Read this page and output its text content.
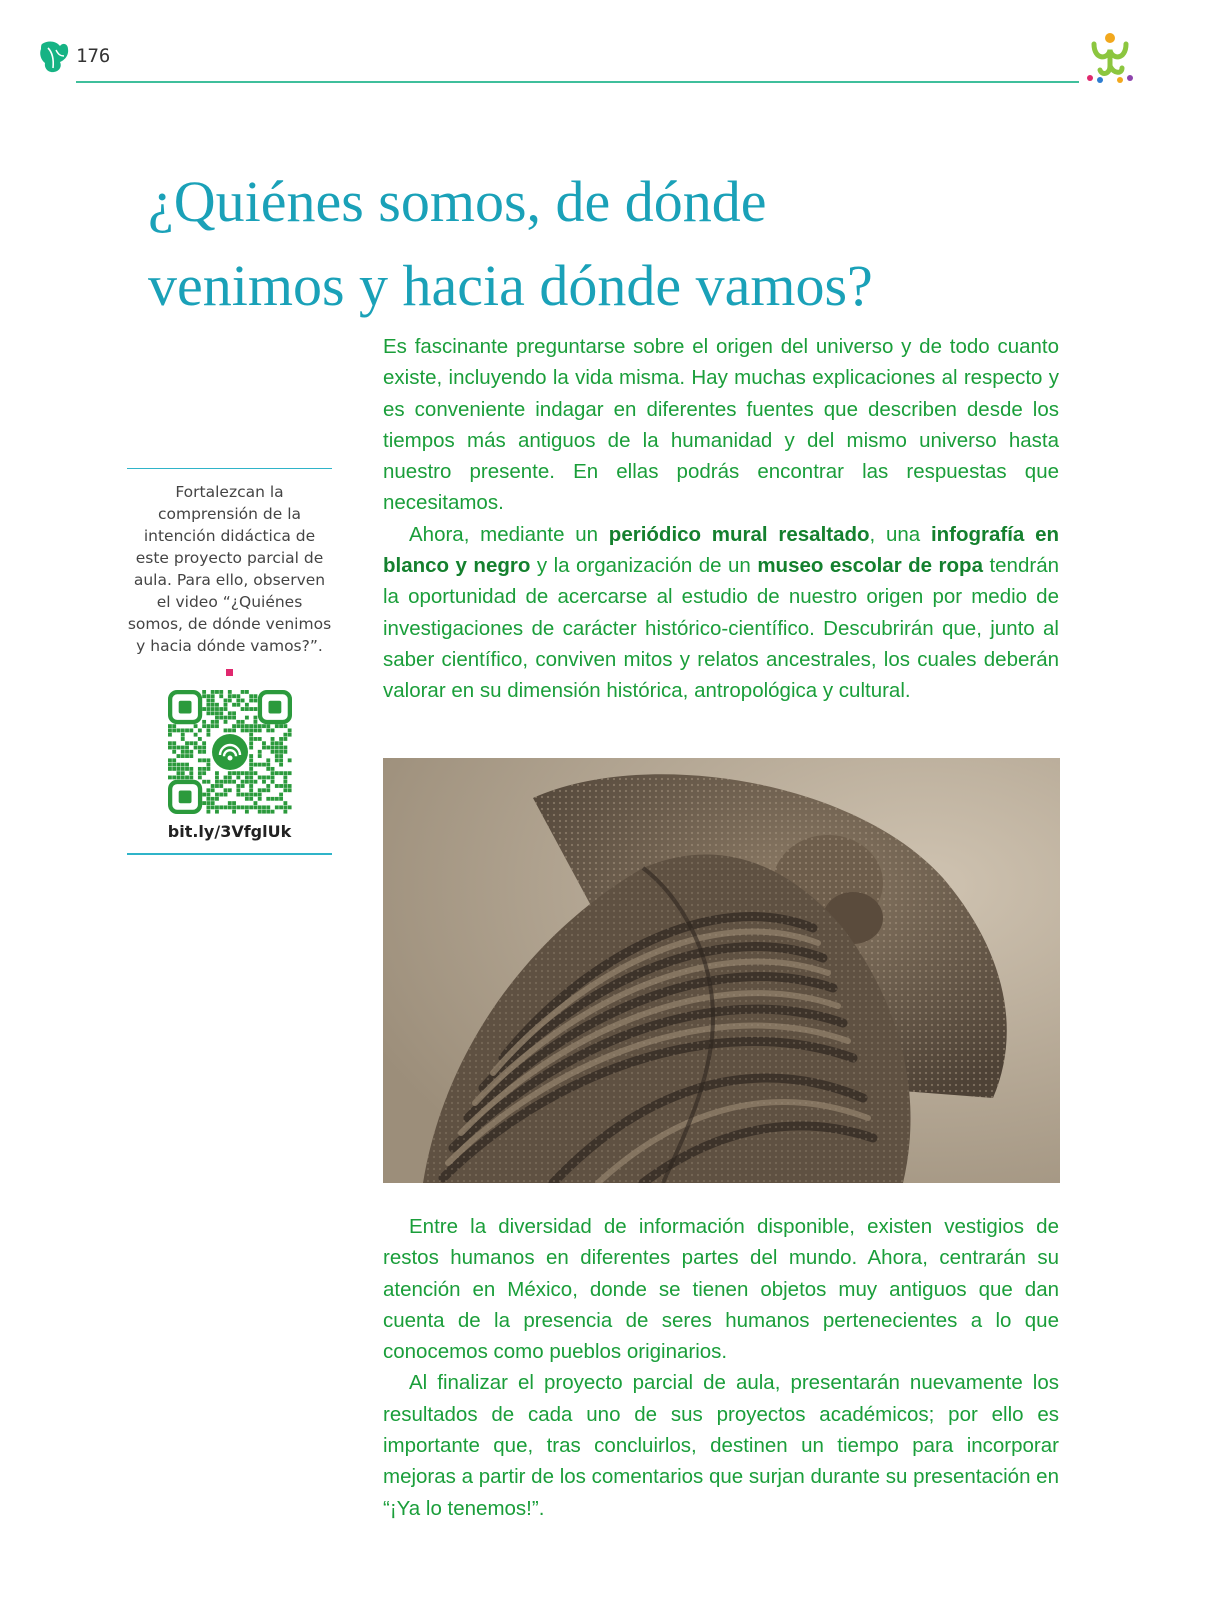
176
¿Quiénes somos, de dónde
venimos y hacia dónde vamos?

Fortalezcan la comprensión de la intención didáctica de este proyecto parcial de aula. Para ello, observen el video “¿Quiénes somos, de dónde venimos y hacia dónde vamos?”.

bit.ly/3VfglUk

Es fascinante preguntarse sobre el origen del universo y de todo cuanto existe, incluyendo la vida misma. Hay muchas explicaciones al respecto y es conveniente indagar en diferentes fuentes que describen desde los tiempos más antiguos de la humanidad y del mismo universo hasta nuestro presente. En ellas podrás encontrar las respuestas que necesitamos.

Ahora, mediante un periódico mural resaltado, una infografía en blanco y negro y la organización de un museo escolar de ropa tendrán la oportunidad de acercarse al estudio de nuestro origen por medio de investigaciones de carácter histórico-científico. Descubrirán que, junto al saber científico, conviven mitos y relatos ancestrales, los cuales deberán valorar en su dimensión histórica, antropológica y cultural.

Entre la diversidad de información disponible, existen vestigios de restos humanos en diferentes partes del mundo. Ahora, centrarán su atención en México, donde se tienen objetos muy antiguos que dan cuenta de la presencia de seres humanos pertenecientes a lo que conocemos como pueblos originarios.

Al finalizar el proyecto parcial de aula, presentarán nuevamente los resultados de cada uno de sus proyectos académicos; por ello es importante que, tras concluirlos, destinen un tiempo para incorporar mejoras a partir de los comentarios que surjan durante su presentación en “¡Ya lo tenemos!”.
